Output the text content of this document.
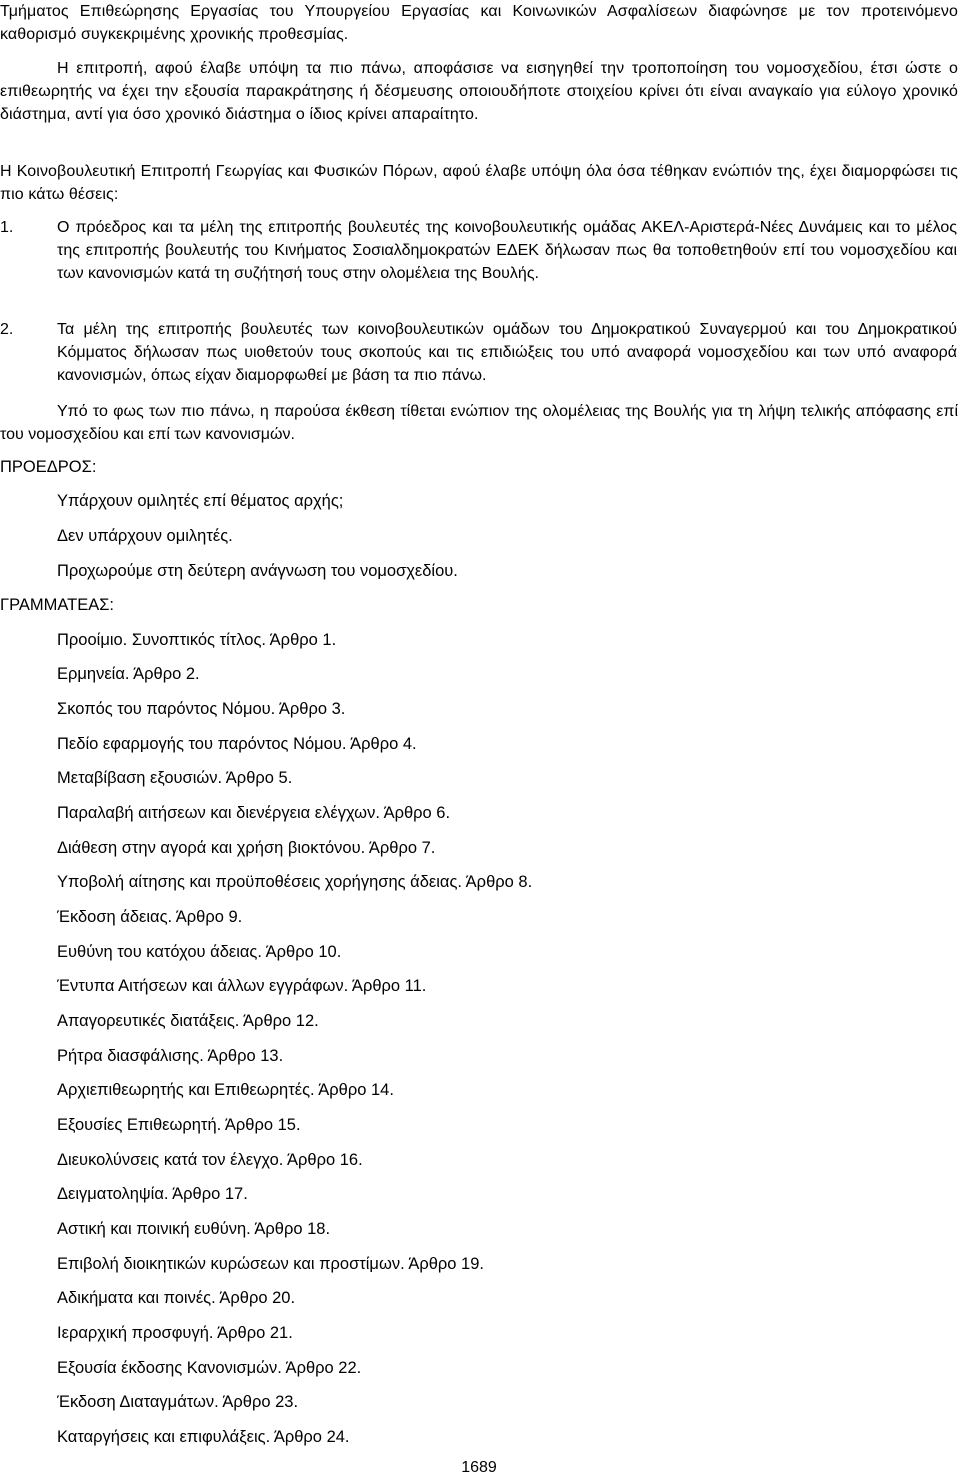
Τμήματος Επιθεώρησης Εργασίας του Υπουργείου Εργασίας και Κοινωνικών Ασφαλίσεων διαφώνησε με τον προτεινόμενο καθορισμό συγκεκριμένης χρονικής προθεσμίας.
Η επιτροπή, αφού έλαβε υπόψη τα πιο πάνω, αποφάσισε να εισηγηθεί την τροποποίηση του νομοσχεδίου, έτσι ώστε ο επιθεωρητής να έχει την εξουσία παρακράτησης ή δέσμευσης οποιουδήποτε στοιχείου κρίνει ότι είναι αναγκαίο για εύλογο χρονικό διάστημα, αντί για όσο χρονικό διάστημα ο ίδιος κρίνει απαραίτητο.
Η Κοινοβουλευτική Επιτροπή Γεωργίας και Φυσικών Πόρων, αφού έλαβε υπόψη όλα όσα τέθηκαν ενώπιόν της, έχει διαμορφώσει τις πιο κάτω θέσεις:
1.	Ο πρόεδρος και τα μέλη της επιτροπής βουλευτές της κοινοβουλευτικής ομάδας ΑΚΕΛ-Αριστερά-Νέες Δυνάμεις και το μέλος της επιτροπής βουλευτής του Κινήματος Σοσιαλδημοκρατών ΕΔΕΚ δήλωσαν πως θα τοποθετηθούν επί του νομοσχεδίου και των κανονισμών κατά τη συζήτησή τους στην ολομέλεια της Βουλής.
2.	Τα μέλη της επιτροπής βουλευτές των κοινοβουλευτικών ομάδων του Δημοκρατικού Συναγερμού και του Δημοκρατικού Κόμματος δήλωσαν πως υιοθετούν τους σκοπούς και τις επιδιώξεις του υπό αναφορά νομοσχεδίου και των υπό αναφορά κανονισμών, όπως είχαν διαμορφωθεί με βάση τα πιο πάνω.
Υπό το φως των πιο πάνω, η παρούσα έκθεση τίθεται ενώπιον της ολομέλειας της Βουλής για τη λήψη τελικής απόφασης επί του νομοσχεδίου και επί των κανονισμών.
ΠΡΟΕΔΡΟΣ:
Υπάρχουν ομιλητές επί θέματος αρχής;
Δεν υπάρχουν ομιλητές.
Προχωρούμε στη δεύτερη ανάγνωση του νομοσχεδίου.
ΓΡΑΜΜΑΤΕΑΣ:
Προοίμιο. Συνοπτικός τίτλος. Άρθρο 1.
Ερμηνεία. Άρθρο 2.
Σκοπός του παρόντος Νόμου. Άρθρο 3.
Πεδίο εφαρμογής του παρόντος Νόμου. Άρθρο 4.
Μεταβίβαση εξουσιών. Άρθρο 5.
Παραλαβή αιτήσεων και διενέργεια ελέγχων. Άρθρο 6.
Διάθεση στην αγορά και χρήση βιοκτόνου. Άρθρο 7.
Υποβολή αίτησης και προϋποθέσεις χορήγησης άδειας. Άρθρο 8.
Έκδοση άδειας. Άρθρο 9.
Ευθύνη του κατόχου άδειας. Άρθρο 10.
Έντυπα Αιτήσεων και άλλων εγγράφων. Άρθρο 11.
Απαγορευτικές διατάξεις. Άρθρο 12.
Ρήτρα διασφάλισης. Άρθρο 13.
Αρχιεπιθεωρητής και Επιθεωρητές. Άρθρο 14.
Εξουσίες Επιθεωρητή. Άρθρο 15.
Διευκολύνσεις κατά τον έλεγχο. Άρθρο 16.
Δειγματοληψία. Άρθρο 17.
Αστική και ποινική ευθύνη. Άρθρο 18.
Επιβολή διοικητικών κυρώσεων και προστίμων. Άρθρο 19.
Αδικήματα και ποινές. Άρθρο 20.
Ιεραρχική προσφυγή. Άρθρο 21.
Εξουσία έκδοσης Κανονισμών. Άρθρο 22.
Έκδοση Διαταγμάτων. Άρθρο 23.
Καταργήσεις και επιφυλάξεις. Άρθρο 24.
1689
